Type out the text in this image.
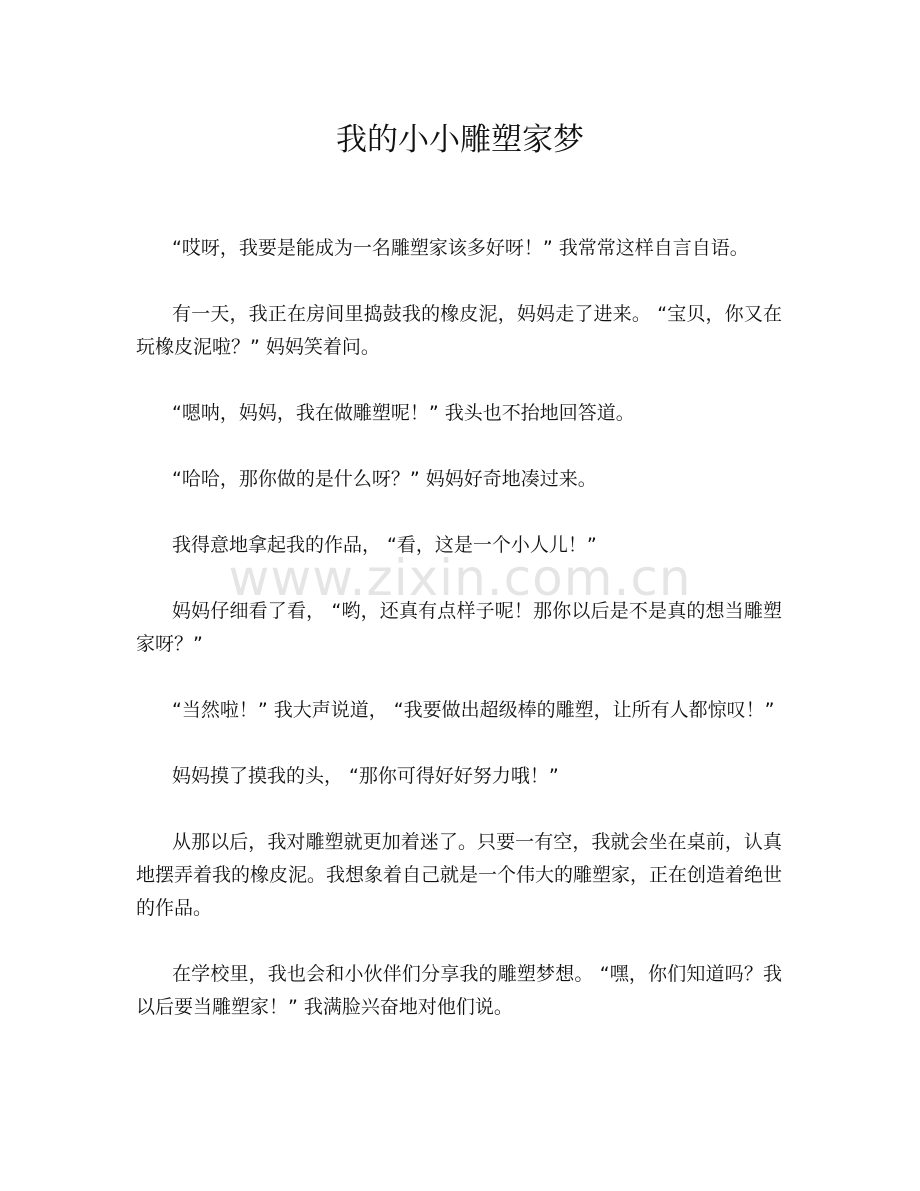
我的小小雕塑家梦
www.zixin.com.cn

“哎呀，我要是能成为一名雕塑家该多好呀！” 我常常这样自言自语。

有一天，我正在房间里捣鼓我的橡皮泥，妈妈走了进来。 “宝贝，你又在玩橡皮泥啦？” 妈妈笑着问。

“嗯呐，妈妈，我在做雕塑呢！” 我头也不抬地回答道。

“哈哈，那你做的是什么呀？” 妈妈好奇地凑过来。

我得意地拿起我的作品， “看，这是一个小人儿！”

妈妈仔细看了看， “哟，还真有点样子呢！那你以后是不是真的想当雕塑家呀？”

“当然啦！” 我大声说道， “我要做出超级棒的雕塑，让所有人都惊叹！”

妈妈摸了摸我的头， “那你可得好好努力哦！”

从那以后，我对雕塑就更加着迷了。只要一有空，我就会坐在桌前，认真地摆弄着我的橡皮泥。我想象着自己就是一个伟大的雕塑家，正在创造着绝世的作品。

在学校里，我也会和小伙伴们分享我的雕塑梦想。 “嘿，你们知道吗？我以后要当雕塑家！” 我满脸兴奋地对他们说。
